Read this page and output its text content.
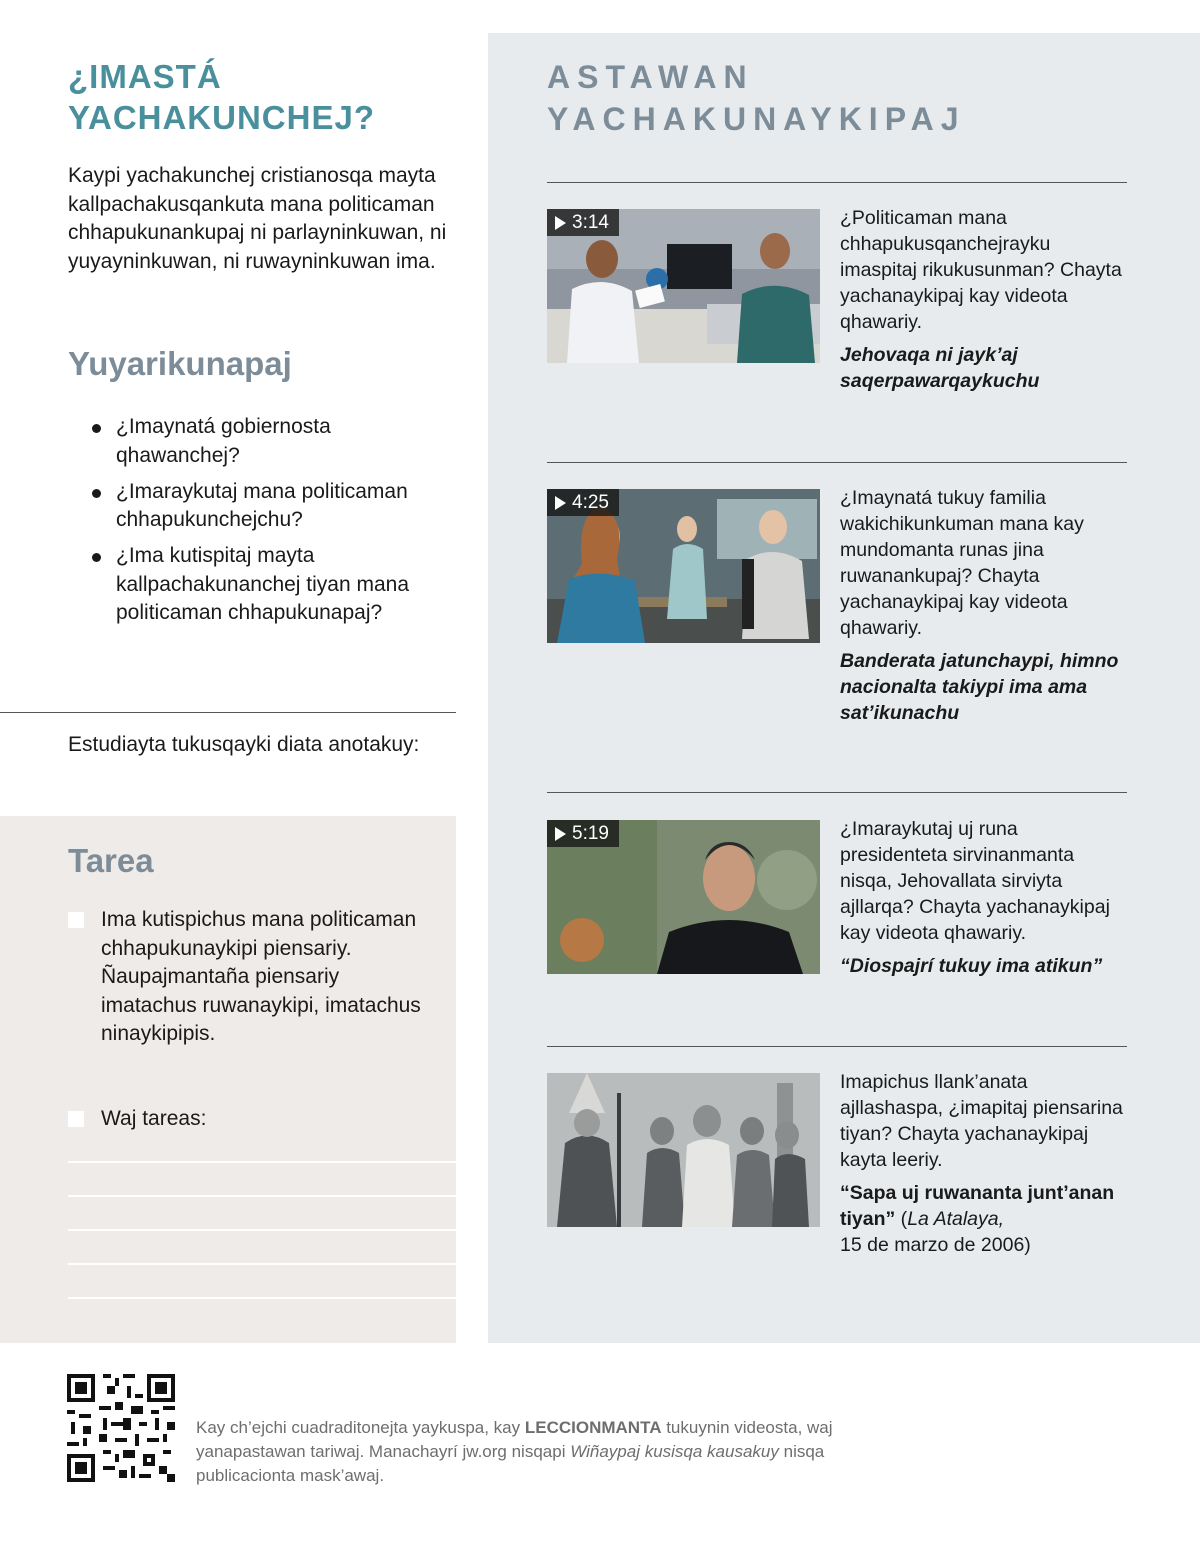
¿IMASTÁ
YACHAKUNCHEJ?
Kaypi yachakunchej cristianosqa mayta kallpachakusqankuta mana politicaman chhapukunankupaj ni parlayninkuwan, ni yuyayninkuwan, ni ruwayninkuwan ima.
Yuyarikunapaj
¿Imaynatá gobiernosta qhawanchej?
¿Imaraykutaj mana politicaman chhapukunchejchu?
¿Ima kutispitaj mayta kallpachakunanchej tiyan mana politicaman chhapukunapaj?
Estudiayta tukusqayki diata anotakuy:
Tarea
Ima kutispichus mana politicaman chhapukunaykipi piensariy. Ñaupajmantaña piensariy imatachus ruwanaykipi, imatachus ninaykipipis.
Waj tareas:
ASTAWAN
YACHAKUNAYKIPAJ
3:14	¿Politicaman mana chhapukusqanchejrayku imaspitaj rikukusunman? Chayta yachanaykipaj kay videota qhawariy.
Jehovaqa ni jayk’aj saqerpawarqaykuchu
4:25	¿Imaynatá tukuy familia wakichikunkuman mana kay mundomanta runas jina ruwanankupaj? Chayta yachanaykipaj kay videota qhawariy.
Banderata jatunchaypi, himno nacionalta takiypi ima ama sat’ikunachu
5:19	¿Imaraykutaj uj runa presidenteta sirvinanmanta nisqa, Jehovallata sirviyta ajllarqa? Chayta yachanaykipaj kay videota qhawariy.
“Diospajrí tukuy ima atikun”
Imapichus llank’anata ajllashaspa, ¿imapitaj piensarina tiyan? Chayta yachanaykipaj kayta leeriy.
“Sapa uj ruwananta junt’anan tiyan” (La Atalaya,
15 de marzo de 2006)
Kay ch’ejchi cuadraditonejta yaykuspa, kay LECCIONMANTA tukuynin videosta, waj yanapastawan tariwaj. Manachayrí jw.org nisqapi Wiñaypaj kusisqa kausakuy nisqa publicacionta mask’awaj.
